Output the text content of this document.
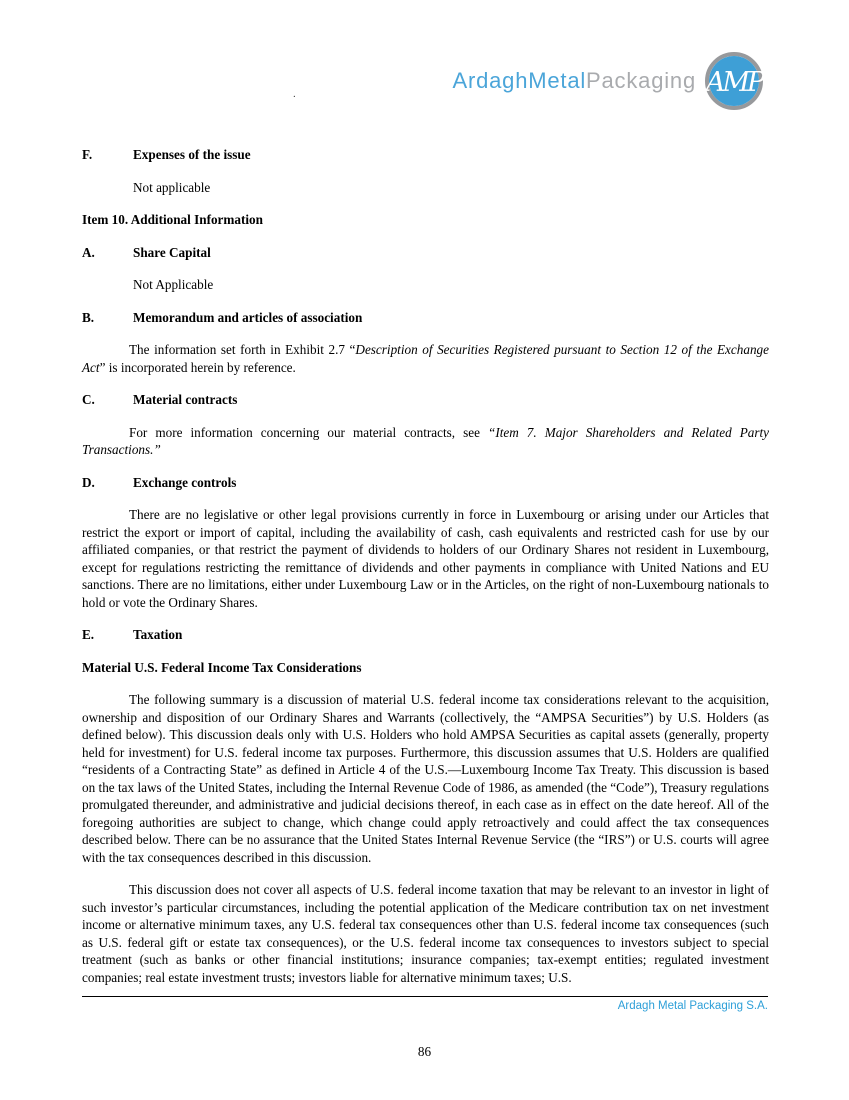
ArdaghMetalPackaging AMP
.
F.	Expenses of the issue
Not applicable
Item 10. Additional Information
A.	Share Capital
Not Applicable
B.	Memorandum and articles of association

The information set forth in Exhibit 2.7 “Description of Securities Registered pursuant to Section 12 of the Exchange Act” is incorporated herein by reference.

C.	Material contracts

For more information concerning our material contracts, see “Item 7. Major Shareholders and Related Party Transactions.”

D.	Exchange controls

There are no legislative or other legal provisions currently in force in Luxembourg or arising under our Articles that restrict the export or import of capital, including the availability of cash, cash equivalents and restricted cash for use by our affiliated companies, or that restrict the payment of dividends to holders of our Ordinary Shares not resident in Luxembourg, except for regulations restricting the remittance of dividends and other payments in compliance with United Nations and EU sanctions. There are no limitations, either under Luxembourg Law or in the Articles, on the right of non-Luxembourg nationals to hold or vote the Ordinary Shares.

E.	Taxation
Material U.S. Federal Income Tax Considerations

The following summary is a discussion of material U.S. federal income tax considerations relevant to the acquisition, ownership and disposition of our Ordinary Shares and Warrants (collectively, the “AMPSA Securities”) by U.S. Holders (as defined below). This discussion deals only with U.S. Holders who hold AMPSA Securities as capital assets (generally, property held for investment) for U.S. federal income tax purposes. Furthermore, this discussion assumes that U.S. Holders are qualified “residents of a Contracting State” as defined in Article 4 of the U.S.—Luxembourg Income Tax Treaty. This discussion is based on the tax laws of the United States, including the Internal Revenue Code of 1986, as amended (the “Code”), Treasury regulations promulgated thereunder, and administrative and judicial decisions thereof, in each case as in effect on the date hereof. All of the foregoing authorities are subject to change, which change could apply retroactively and could affect the tax consequences described below. There can be no assurance that the United States Internal Revenue Service (the “IRS”) or U.S. courts will agree with the tax consequences described in this discussion.

This discussion does not cover all aspects of U.S. federal income taxation that may be relevant to an investor in light of such investor’s particular circumstances, including the potential application of the Medicare contribution tax on net investment income or alternative minimum taxes, any U.S. federal tax consequences other than U.S. federal income tax consequences (such as U.S. federal gift or estate tax consequences), or the U.S. federal income tax consequences to investors subject to special treatment (such as banks or other financial institutions; insurance companies; tax-exempt entities; regulated investment companies; real estate investment trusts; investors liable for alternative minimum taxes; U.S.

Ardagh Metal Packaging S.A.
86
